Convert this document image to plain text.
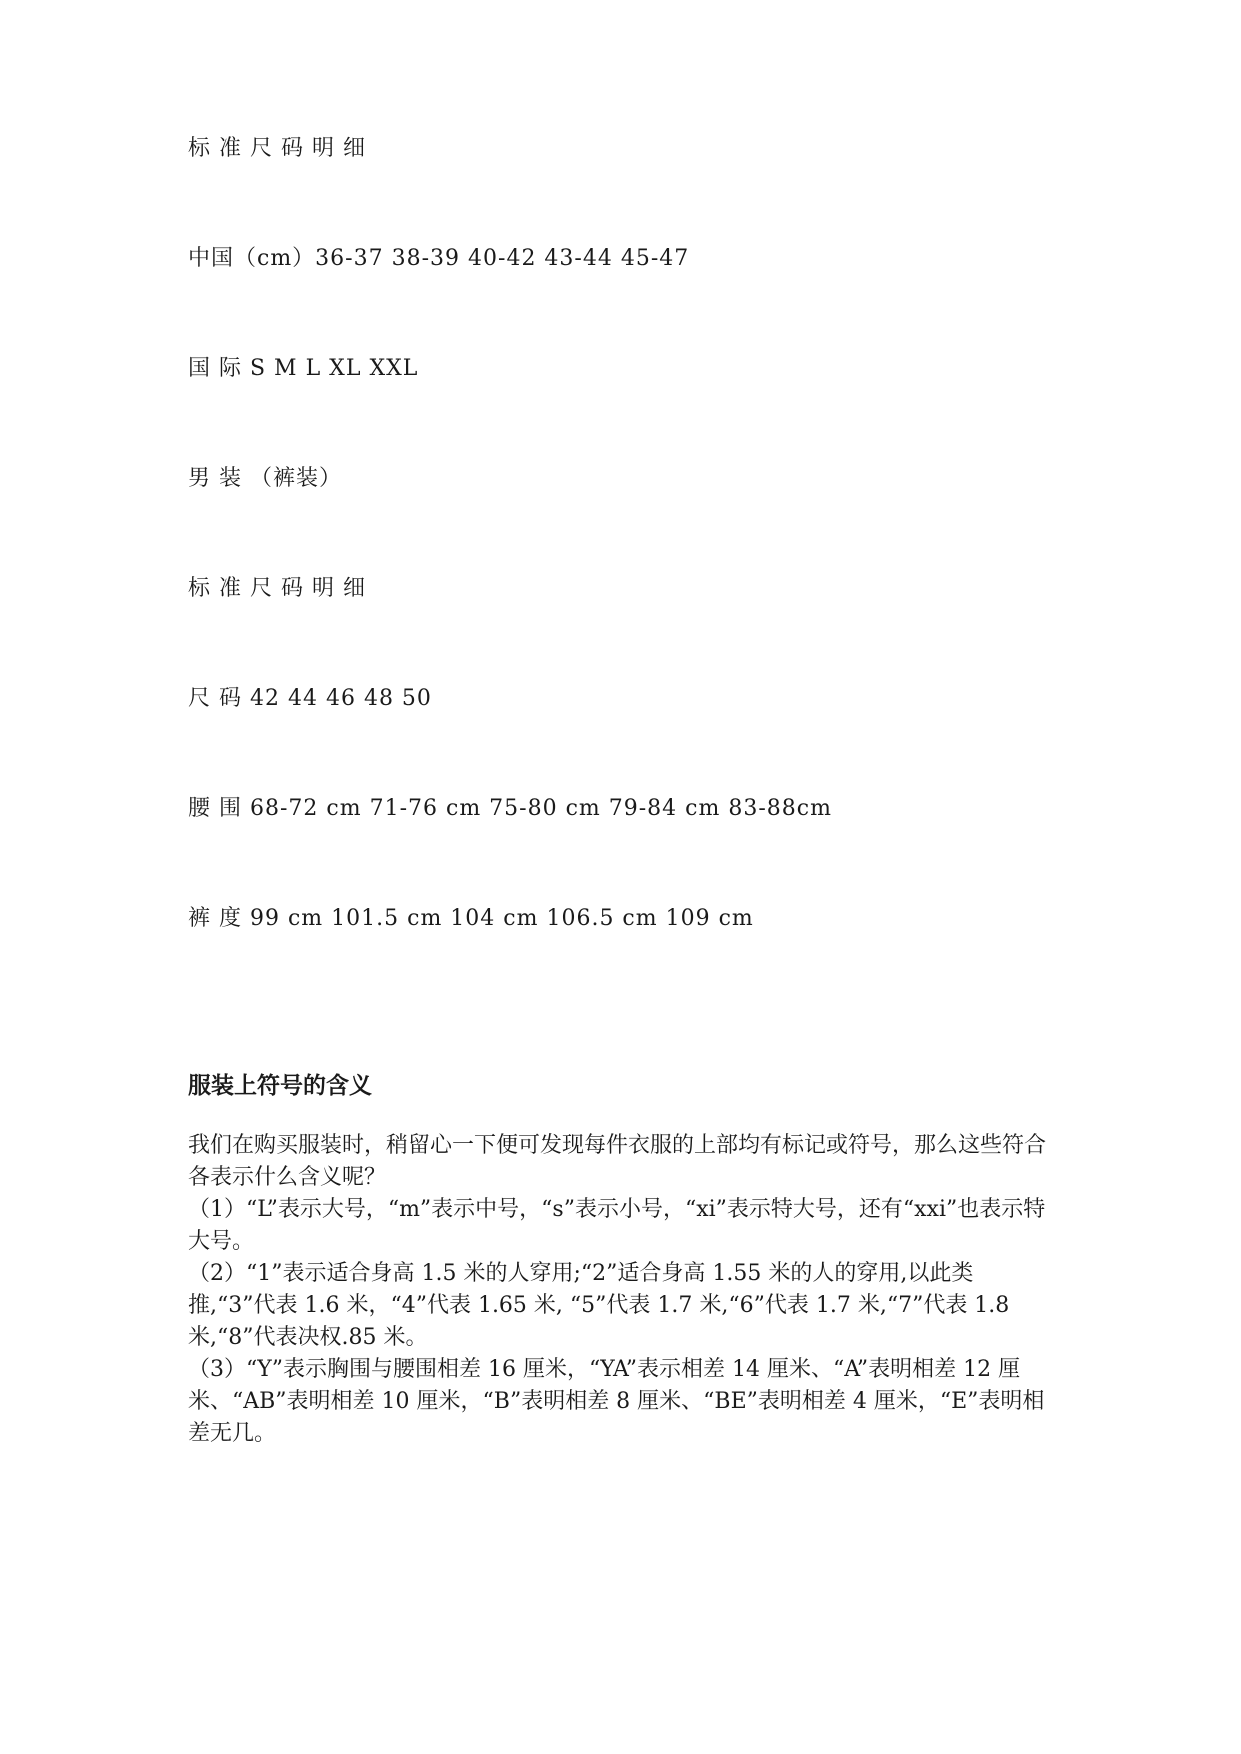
标 准 尺 码 明 细
中国（cm）36-37 38-39 40-42 43-44 45-47
国 际 S M L XL XXL
男 装 （裤装）
标 准 尺 码 明 细
尺 码 42 44 46 48 50
腰 围 68-72 cm 71-76 cm 75-80 cm 79-84 cm 83-88cm
裤 度 99 cm 101.5 cm 104 cm 106.5 cm 109 cm
服装上符号的含义

我们在购买服装时，稍留心一下便可发现每件衣服的上部均有标记或符号，那么这些符合各表示什么含义呢？

（1）“L”表示大号，“m”表示中号，“s”表示小号，“xi”表示特大号，还有“xxi”也表示特大号。

（2）“1”表示适合身高 1.5 米的人穿用;“2”适合身高 1.55 米的人的穿用,以此类推,“3”代表 1.6 米，“4”代表 1.65 米, “5”代表 1.7 米,“6”代表 1.7 米,“7”代表 1.8 米,“8”代表决权.85 米。

（3）“Y”表示胸围与腰围相差 16 厘米，“YA”表示相差 14 厘米、“A”表明相差 12 厘米、“AB”表明相差 10 厘米，“B”表明相差 8 厘米、“BE”表明相差 4 厘米，“E”表明相差无几。
